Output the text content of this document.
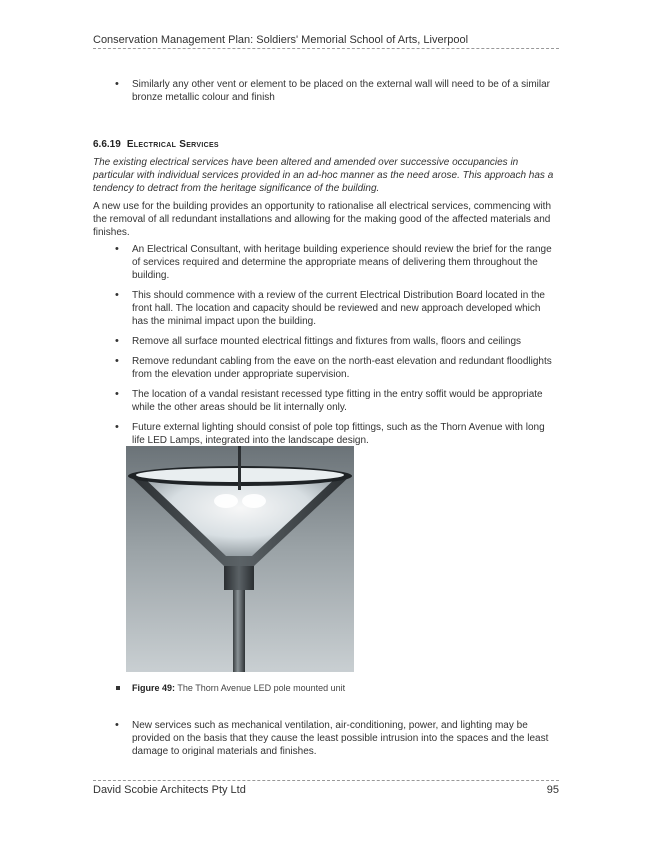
Conservation Management Plan: Soldiers' Memorial School of Arts, Liverpool
• Similarly any other vent or element to be placed on the external wall will need to be of a similar bronze metallic colour and finish
6.6.19 Electrical Services
The existing electrical services have been altered and amended over successive occupancies in particular with individual services provided in an ad-hoc manner as the need arose. This approach has a tendency to detract from the heritage significance of the building.
A new use for the building provides an opportunity to rationalise all electrical services, commencing with the removal of all redundant installations and allowing for the making good of the affected materials and finishes.
• An Electrical Consultant, with heritage building experience should review the brief for the range of services required and determine the appropriate means of delivering them throughout the building.
• This should commence with a review of the current Electrical Distribution Board located in the front hall. The location and capacity should be reviewed and new approach developed which has the minimal impact upon the building.
• Remove all surface mounted electrical fittings and fixtures from walls, floors and ceilings
• Remove redundant cabling from the eave on the north-east elevation and redundant floodlights from the elevation under appropriate supervision.
• The location of a vandal resistant recessed type fitting in the entry soffit would be appropriate while the other areas should be lit internally only.
• Future external lighting should consist of pole top fittings, such as the Thorn Avenue with long life LED Lamps, integrated into the landscape design.
Figure 49: The Thorn Avenue LED pole mounted unit
• New services such as mechanical ventilation, air-conditioning, power, and lighting may be provided on the basis that they cause the least possible intrusion into the spaces and the least damage to original materials and finishes.
David Scobie Architects Pty Ltd	95
